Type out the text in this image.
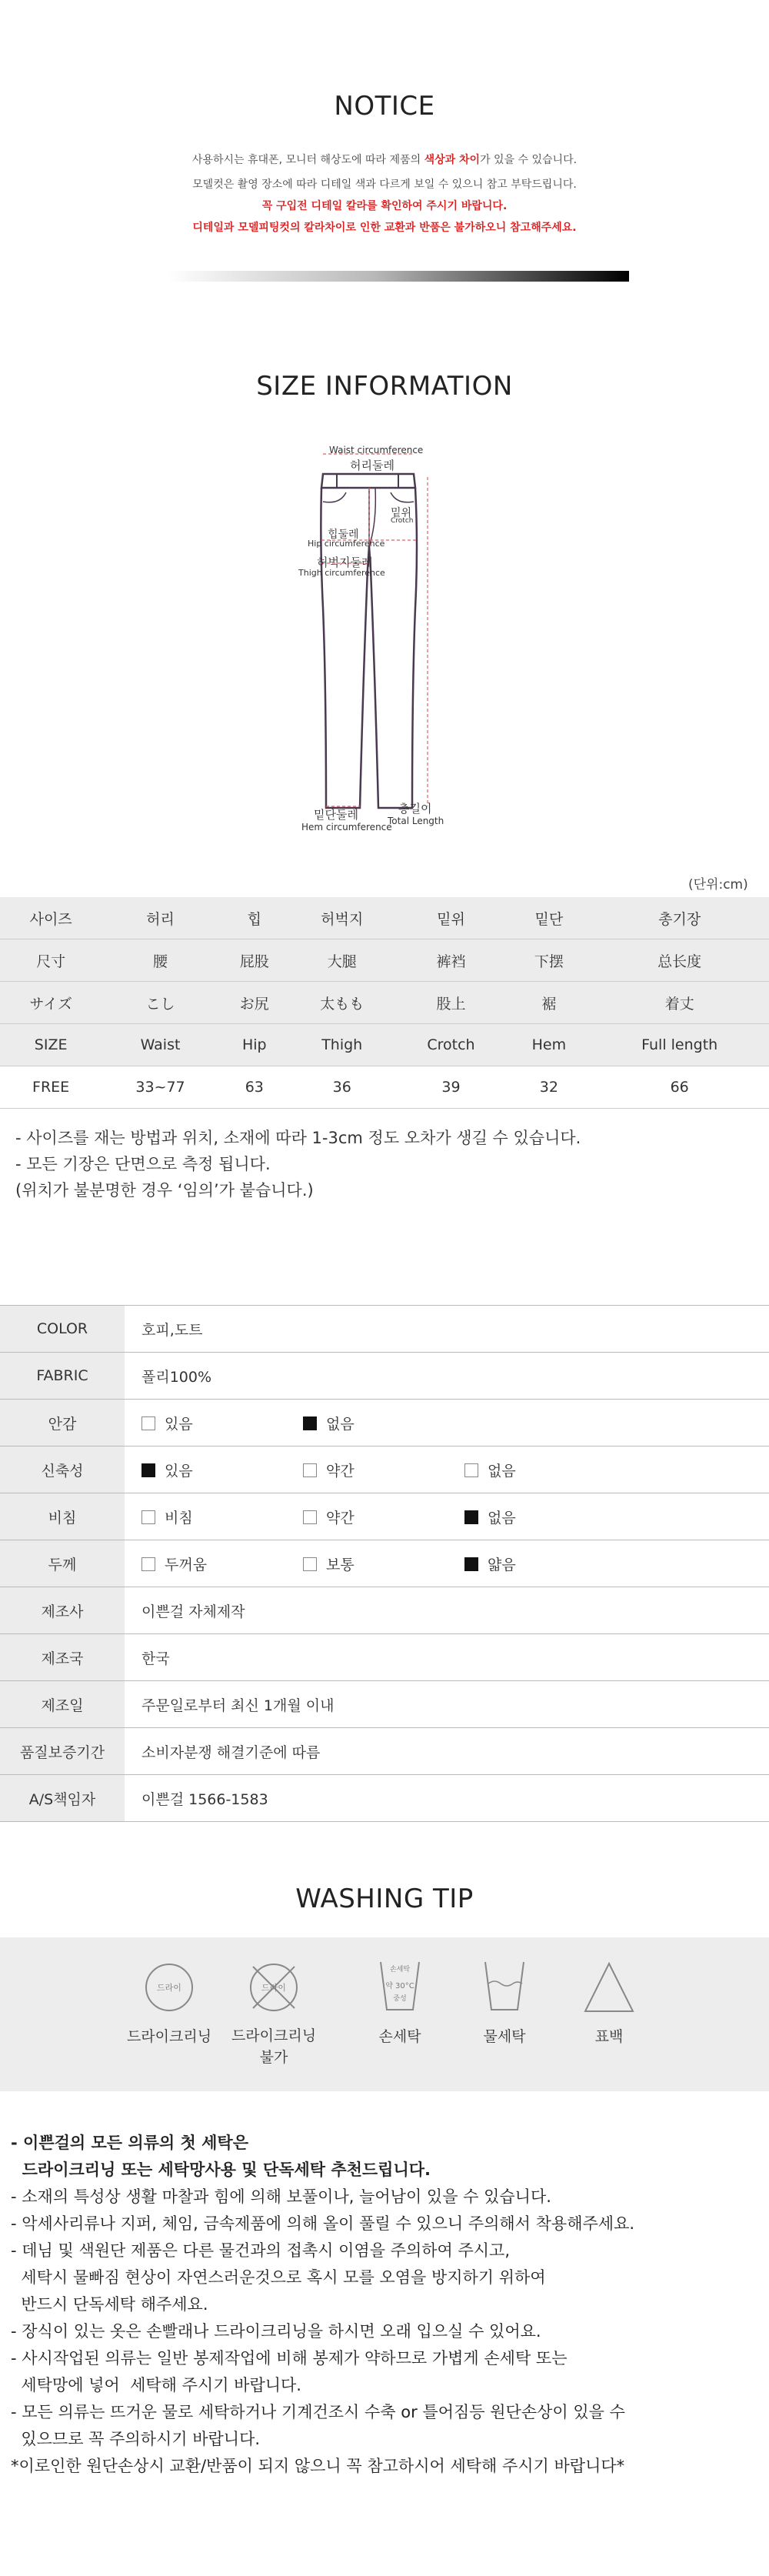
NOTICE
사용하시는 휴대폰, 모니터 해상도에 따라 제품의 색상과 차이가 있을 수 있습니다.
모델컷은 촬영 장소에 따라 디테일 색과 다르게 보일 수 있으니 참고 부탁드립니다.
꼭 구입전 디테일 칼라를 확인하여 주시기 바랍니다.
디테일과 모델피팅컷의 칼라차이로 인한 교환과 반품은 불가하오니 참고해주세요.
SIZE INFORMATION
Waist circumference
허리둘레
밑위
Crotch
힙둘레
Hip circumference
허벅지둘레
Thigh circumference
밑단둘레
Hem circumference
총길이
Total Length
(단위:cm)
사이즈	허리	힙	허벅지	밑위	밑단	총기장
尺寸	腰	屁股	大腿	裤裆	下摆	总长度
サイズ	こし	お尻	太もも	股上	裾	着丈
SIZE	Waist	Hip	Thigh	Crotch	Hem	Full length
FREE	33~77	63	36	39	32	66
- 사이즈를 재는 방법과 위치, 소재에 따라 1-3cm 정도 오차가 생길 수 있습니다.
- 모든 기장은 단면으로 측정 됩니다.
(위치가 불분명한 경우 ‘임의’가 붙습니다.)
COLOR	호피,도트
FABRIC	폴리100%
안감	있음 없음
신축성	있음 약간 없음
비침	비침 약간 없음
두께	두꺼움 보통 얇음
제조사	이쁜걸 자체제작
제조국	한국
제조일	주문일로부터 최신 1개월 이내
품질보증기간	소비자분쟁 해결기준에 따름
A/S책임자	이쁜걸 1566-1583
WASHING TIP
드라이
드라이크리닝
드라이
드라이크리닝
불가
손세탁
약 30°C
중성
손세탁	물세탁	표백
- 이쁜걸의 모든 의류의 첫 세탁은
드라이크리닝 또는 세탁망사용 및 단독세탁 추천드립니다.
- 소재의 특성상 생활 마찰과 힘에 의해 보풀이나, 늘어남이 있을 수 있습니다.
- 악세사리류나 지퍼, 체임, 금속제품에 의해 올이 풀릴 수 있으니 주의해서 착용해주세요.
- 데님 및 색원단 제품은 다른 물건과의 접촉시 이염을 주의하여 주시고,
세탁시 물빠짐 현상이 자연스러운것으로 혹시 모를 오염을 방지하기 위하여
반드시 단독세탁 해주세요.
- 장식이 있는 옷은 손빨래나 드라이크리닝을 하시면 오래 입으실 수 있어요.
- 사시작업된 의류는 일반 봉제작업에 비해 봉제가 약하므로 가볍게 손세탁 또는
세탁망에 넣어  세탁해 주시기 바랍니다.
- 모든 의류는 뜨거운 물로 세탁하거나 기계건조시 수축 or 틀어짐등 원단손상이 있을 수
있으므로 꼭 주의하시기 바랍니다.
*이로인한 원단손상시 교환/반품이 되지 않으니 꼭 참고하시어 세탁해 주시기 바랍니다*
